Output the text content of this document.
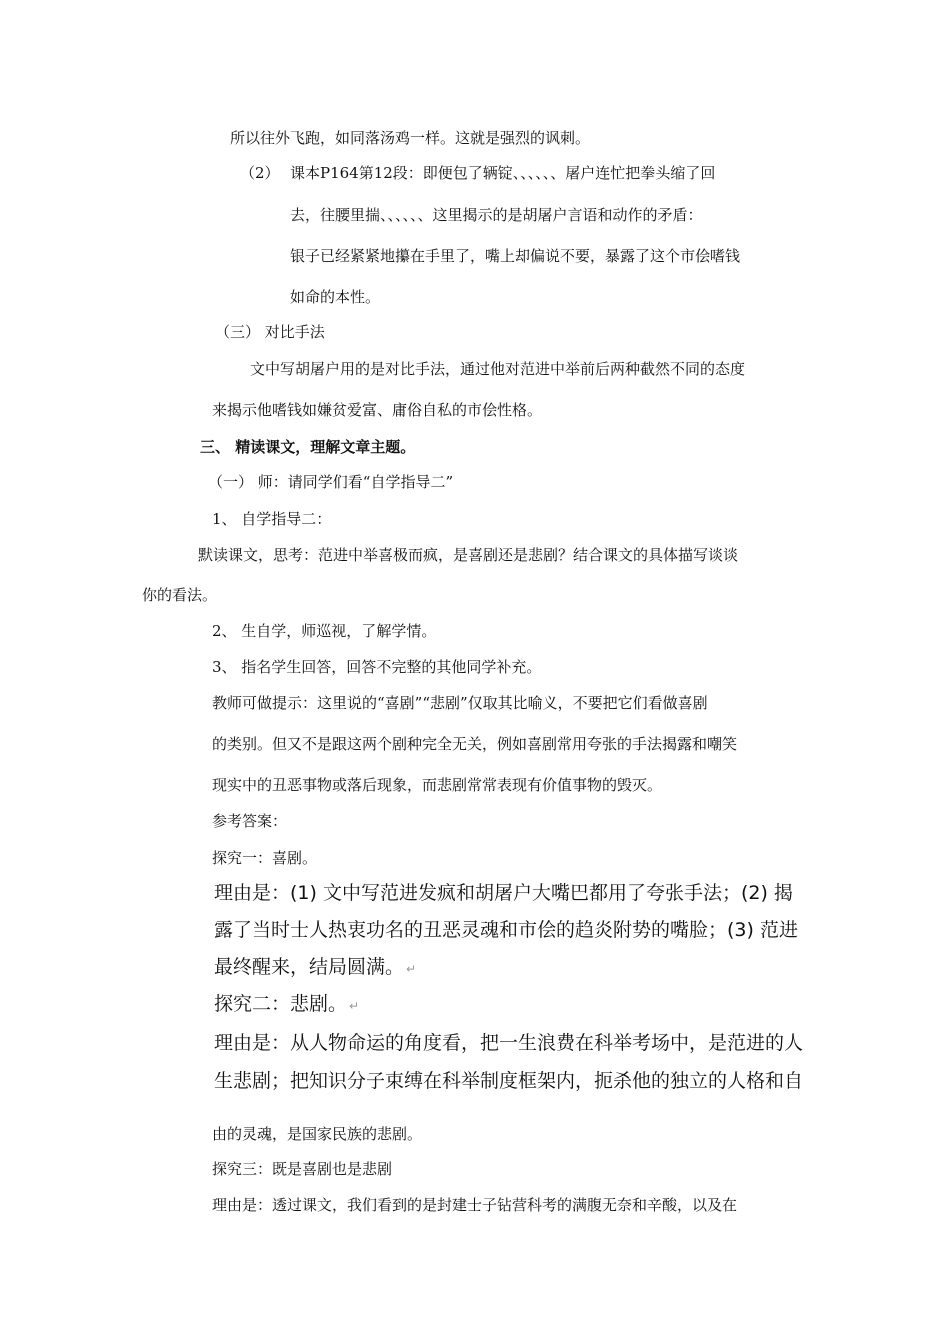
所以往外飞跑，如同落汤鸡一样。这就是强烈的讽刺。
（2） 课本P164第12段：即便包了辆锭、、、、、、屠户连忙把拳头缩了回
去，往腰里揣、、、、、、这里揭示的是胡屠户言语和动作的矛盾：
银子已经紧紧地攥在手里了，嘴上却偏说不要，暴露了这个市侩嗜钱
如命的本性。
（三） 对比手法
文中写胡屠户用的是对比手法，通过他对范进中举前后两种截然不同的态度
来揭示他嗜钱如嫌贫爱富、庸俗自私的市侩性格。
三、 精读课文，理解文章主题。
（一） 师：请同学们看“自学指导二”
1、 自学指导二：
默读课文，思考：范进中举喜极而疯，是喜剧还是悲剧？结合课文的具体描写谈谈
你的看法。
2、 生自学，师巡视，了解学情。
3、 指名学生回答，回答不完整的其他同学补充。
教师可做提示：这里说的“喜剧”“悲剧”仅取其比喻义，不要把它们看做喜剧
的类别。但又不是跟这两个剧种完全无关，例如喜剧常用夸张的手法揭露和嘲笑
现实中的丑恶事物或落后现象，而悲剧常常表现有价值事物的毁灭。
参考答案：
探究一：喜剧。
理由是：(1) 文中写范进发疯和胡屠户大嘴巴都用了夸张手法；(2) 揭
露了当时士人热衷功名的丑恶灵魂和市侩的趋炎附势的嘴脸；(3) 范进
最终醒来，结局圆满。 ↵
探究二：悲剧。 ↵
理由是：从人物命运的角度看，把一生浪费在科举考场中，是范进的人
生悲剧；把知识分子束缚在科举制度框架内，扼杀他的独立的人格和自
由的灵魂，是国家民族的悲剧。
探究三：既是喜剧也是悲剧
理由是：透过课文，我们看到的是封建士子钻营科考的满腹无奈和辛酸，以及在
